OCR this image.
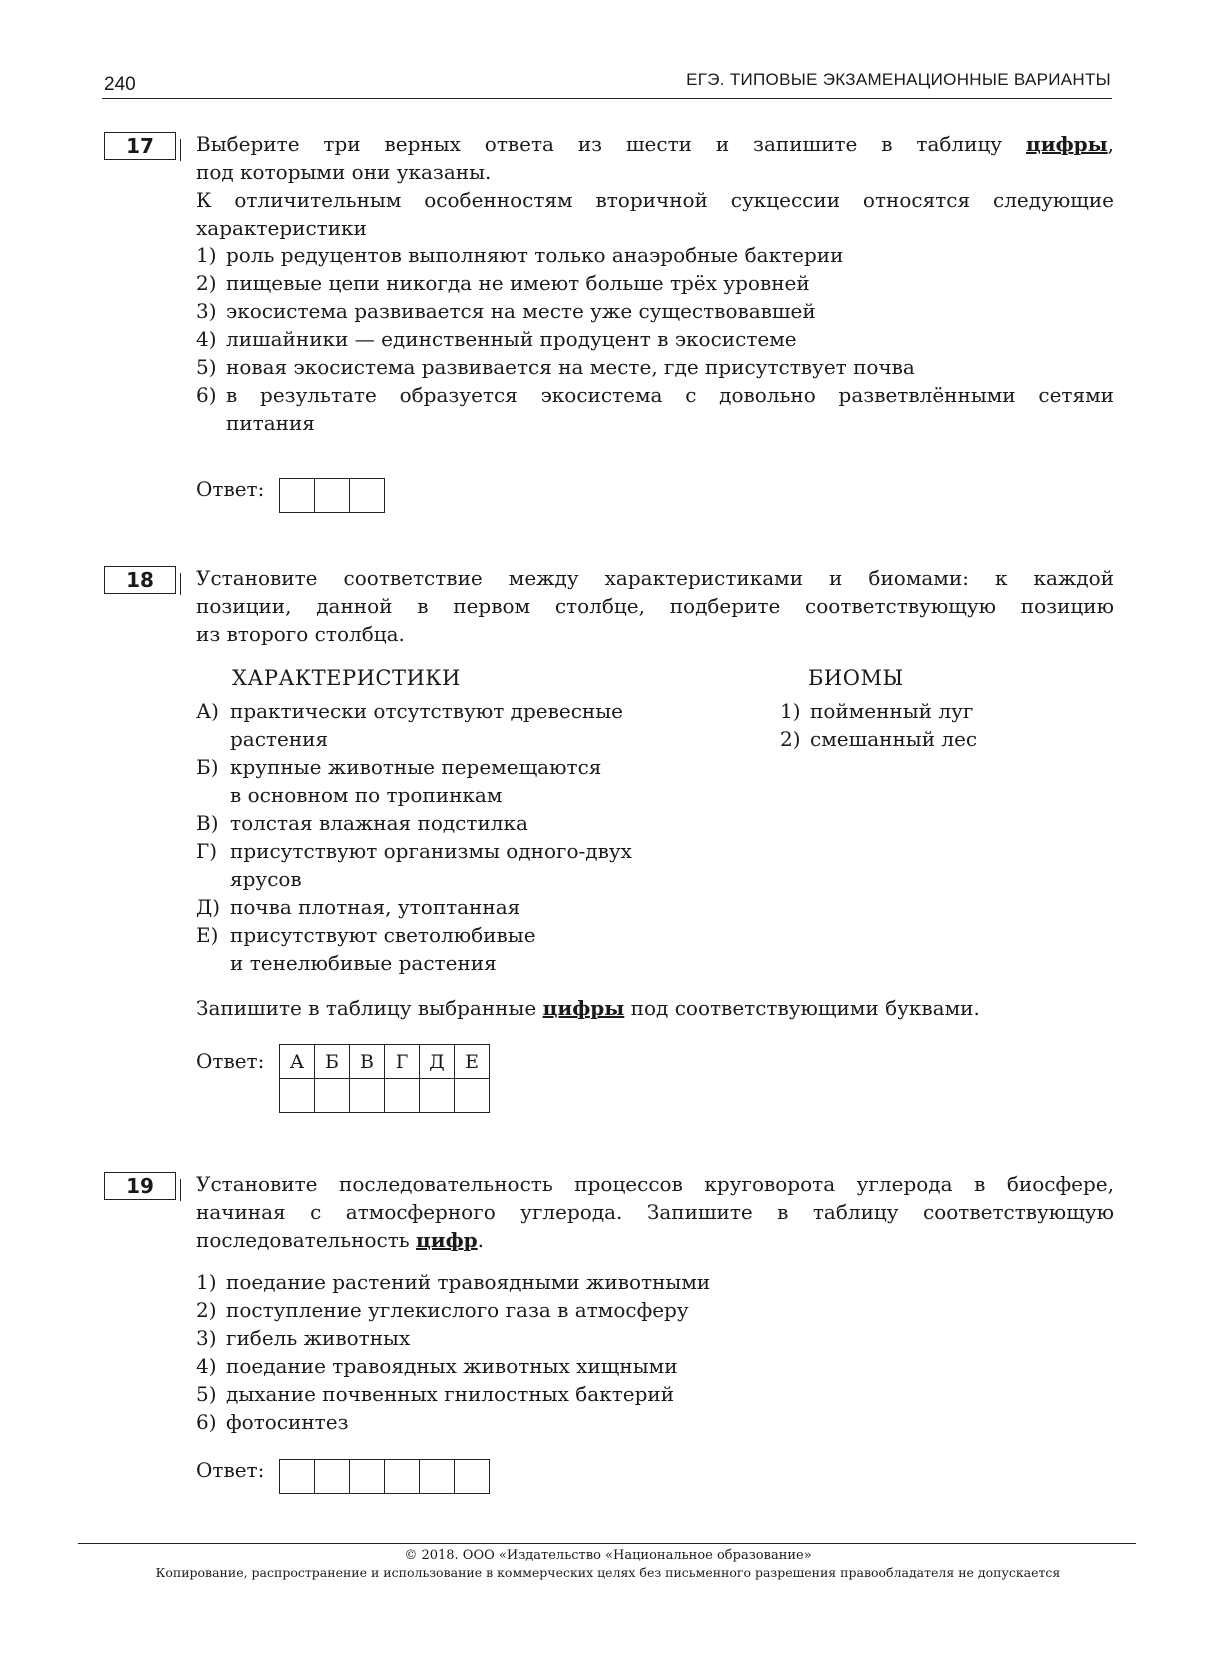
240	ЕГЭ. ТИПОВЫЕ ЭКЗАМЕНАЦИОННЫЕ ВАРИАНТЫ
17	Выберите три верных ответа из шести и запишите в таблицу цифры,
под которыми они указаны.
К отличительным особенностям вторичной сукцессии относятся следующие
характеристики
1) роль редуцентов выполняют только анаэробные бактерии
2) пищевые цепи никогда не имеют больше трёх уровней
3) экосистема развивается на месте уже существовавшей
4) лишайники — единственный продуцент в экосистеме
5) новая экосистема развивается на месте, где присутствует почва
6) в результате образуется экосистема с довольно разветвлёнными сетями
питания
Ответ:

18	Установите соответствие между характеристиками и биомами: к каждой
позиции, данной в первом столбце, подберите соответствующую позицию
из второго столбца.
ХАРАКТЕРИСТИКИ	БИОМЫ
А) практически отсутствуют древесные
растения
Б) крупные животные перемещаются
в основном по тропинкам
В) толстая влажная подстилка
Г) присутствуют организмы одного-двух
ярусов
Д) почва плотная, утоптанная
Е) присутствуют светолюбивые
и тенелюбивые растения
1) пойменный луг
2) смешанный лес
Запишите в таблицу выбранные цифры под соответствующими буквами.
Ответ: А	Б	В	Г	Д	Е

19	Установите последовательность процессов круговорота углерода в биосфере,
начиная с атмосферного углерода. Запишите в таблицу соответствующую
последовательность цифр.
1) поедание растений травоядными животными
2) поступление углекислого газа в атмосферу
3) гибель животных
4) поедание травоядных животных хищными
5) дыхание почвенных гнилостных бактерий
6) фотосинтез
Ответ:

© 2018. ООО «Издательство «Национальное образование»
Копирование, распространение и использование в коммерческих целях без письменного разрешения правообладателя не допускается
